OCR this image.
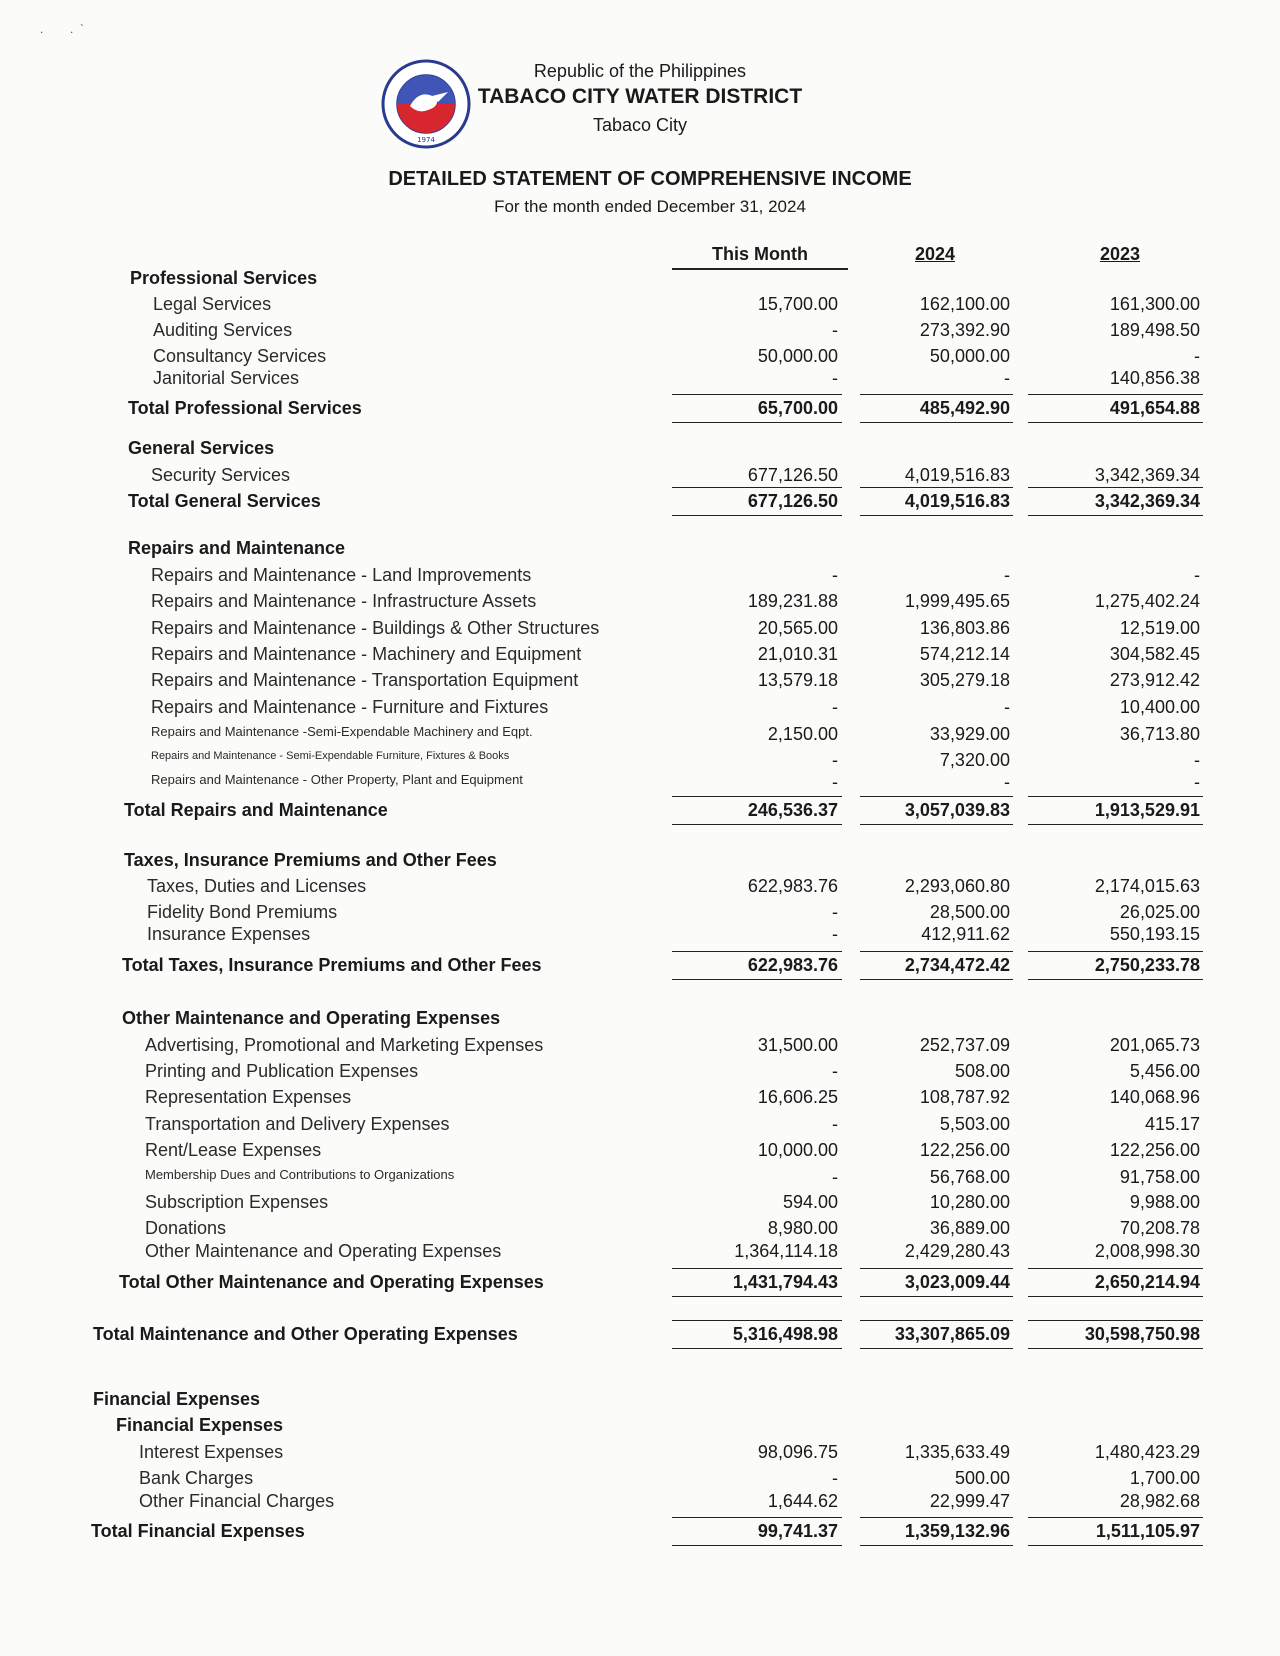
.        .  `
1974
Republic of the Philippines
TABACO CITY WATER DISTRICT
Tabaco City
DETAILED STATEMENT OF COMPREHENSIVE INCOME
For the month ended December 31, 2024
This Month	2024	2023
Professional Services
Legal Services	15,700.00	162,100.00	161,300.00
Auditing Services	-	273,392.90	189,498.50
Consultancy Services	50,000.00	50,000.00	-
Janitorial Services	-	-	140,856.38
Total Professional Services	65,700.00	485,492.90	491,654.88
General Services
Security Services	677,126.50	4,019,516.83	3,342,369.34
Total General Services	677,126.50	4,019,516.83	3,342,369.34
Repairs and Maintenance
Repairs and Maintenance - Land Improvements	-	-	-
Repairs and Maintenance - Infrastructure Assets	189,231.88	1,999,495.65	1,275,402.24
Repairs and Maintenance - Buildings & Other Structures	20,565.00	136,803.86	12,519.00
Repairs and Maintenance - Machinery and Equipment	21,010.31	574,212.14	304,582.45
Repairs and Maintenance - Transportation Equipment	13,579.18	305,279.18	273,912.42
Repairs and Maintenance - Furniture and Fixtures	-	-	10,400.00
Repairs and Maintenance -Semi-Expendable Machinery and Eqpt.	2,150.00	33,929.00	36,713.80
Repairs and Maintenance - Semi-Expendable Furniture, Fixtures & Books	-	7,320.00	-
Repairs and Maintenance - Other Property, Plant and Equipment	-	-	-
Total Repairs and Maintenance	246,536.37	3,057,039.83	1,913,529.91
Taxes, Insurance Premiums and Other Fees
Taxes, Duties and Licenses	622,983.76	2,293,060.80	2,174,015.63
Fidelity Bond Premiums	-	28,500.00	26,025.00
Insurance Expenses	-	412,911.62	550,193.15
Total Taxes, Insurance Premiums and Other Fees	622,983.76	2,734,472.42	2,750,233.78
Other Maintenance and Operating Expenses
Advertising, Promotional and Marketing Expenses	31,500.00	252,737.09	201,065.73
Printing and Publication Expenses	-	508.00	5,456.00
Representation Expenses	16,606.25	108,787.92	140,068.96
Transportation and Delivery Expenses	-	5,503.00	415.17
Rent/Lease Expenses	10,000.00	122,256.00	122,256.00
Membership Dues and Contributions to Organizations	-	56,768.00	91,758.00
Subscription Expenses	594.00	10,280.00	9,988.00
Donations	8,980.00	36,889.00	70,208.78
Other Maintenance and Operating Expenses	1,364,114.18	2,429,280.43	2,008,998.30
Total Other Maintenance and Operating Expenses	1,431,794.43	3,023,009.44	2,650,214.94
Total Maintenance and Other Operating Expenses	5,316,498.98	33,307,865.09	30,598,750.98
Financial Expenses
Financial Expenses
Interest Expenses	98,096.75	1,335,633.49	1,480,423.29
Bank Charges	-	500.00	1,700.00
Other Financial Charges	1,644.62	22,999.47	28,982.68
Total Financial Expenses	99,741.37	1,359,132.96	1,511,105.97
